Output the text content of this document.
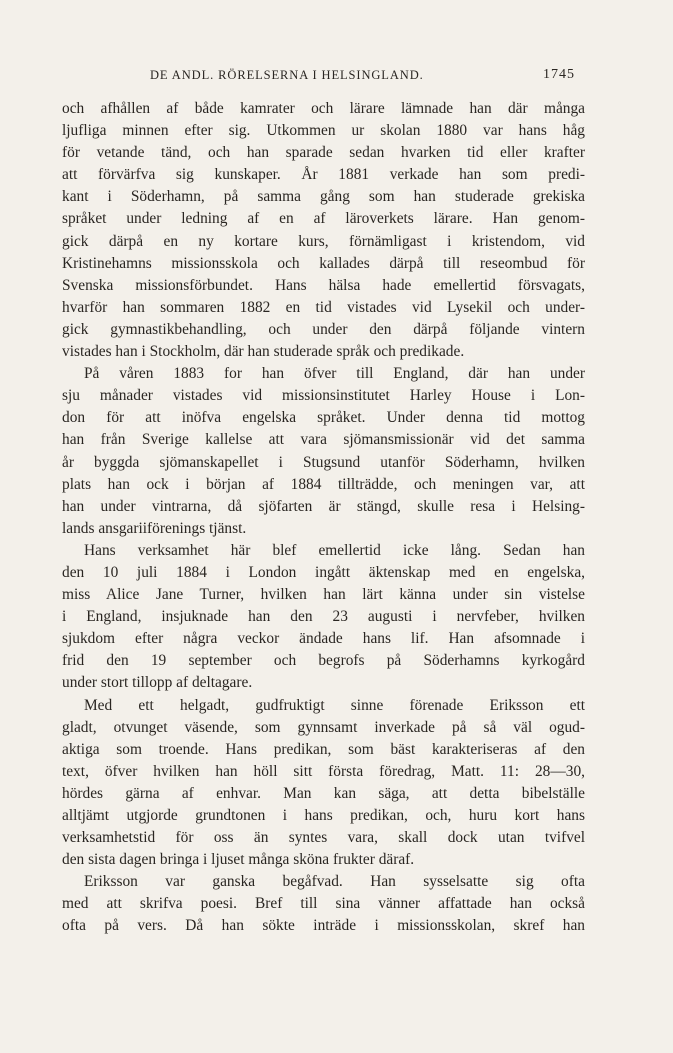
DE ANDL. RÖRELSERNA I HELSINGLAND.	1745
och afhållen af både kamrater och lärare lämnade han där många
ljufliga minnen efter sig. Utkommen ur skolan 1880 var hans håg
för vetande tänd, och han sparade sedan hvarken tid eller krafter
att förvärfva sig kunskaper. År 1881 verkade han som predi-
kant i Söderhamn, på samma gång som han studerade grekiska
språket under ledning af en af läroverkets lärare. Han genom-
gick därpå en ny kortare kurs, förnämligast i kristendom, vid
Kristinehamns missionsskola och kallades därpå till reseombud för
Svenska missionsförbundet. Hans hälsa hade emellertid försvagats,
hvarför han sommaren 1882 en tid vistades vid Lysekil och under-
gick gymnastikbehandling, och under den därpå följande vintern
vistades han i Stockholm, där han studerade språk och predikade.
På våren 1883 for han öfver till England, där han under
sju månader vistades vid missionsinstitutet Harley House i Lon-
don för att inöfva engelska språket. Under denna tid mottog
han från Sverige kallelse att vara sjömansmissionär vid det samma
år byggda sjömanskapellet i Stugsund utanför Söderhamn, hvilken
plats han ock i början af 1884 tillträdde, och meningen var, att
han under vintrarna, då sjöfarten är stängd, skulle resa i Helsing-
lands ansgariiförenings tjänst.
Hans verksamhet här blef emellertid icke lång. Sedan han
den 10 juli 1884 i London ingått äktenskap med en engelska,
miss Alice Jane Turner, hvilken han lärt känna under sin vistelse
i England, insjuknade han den 23 augusti i nervfeber, hvilken
sjukdom efter några veckor ändade hans lif. Han afsomnade i
frid den 19 september och begrofs på Söderhamns kyrkogård
under stort tillopp af deltagare.
Med ett helgadt, gudfruktigt sinne förenade Eriksson ett
gladt, otvunget väsende, som gynnsamt inverkade på så väl ogud-
aktiga som troende. Hans predikan, som bäst karakteriseras af den
text, öfver hvilken han höll sitt första föredrag, Matt. 11: 28—30,
hördes gärna af enhvar. Man kan säga, att detta bibelställe
alltjämt utgjorde grundtonen i hans predikan, och, huru kort hans
verksamhetstid för oss än syntes vara, skall dock utan tvifvel
den sista dagen bringa i ljuset många sköna frukter däraf.
Eriksson var ganska begåfvad. Han sysselsatte sig ofta
med att skrifva poesi. Bref till sina vänner affattade han också
ofta på vers. Då han sökte inträde i missionsskolan, skref han
